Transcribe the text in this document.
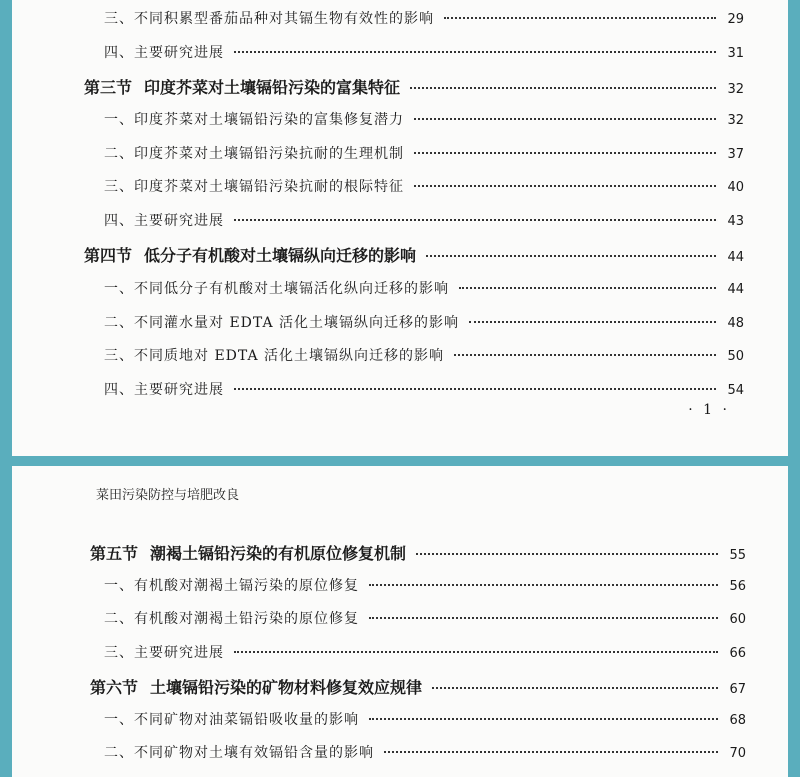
三、不同积累型番茄品种对其镉生物有效性的影响	29
四、主要研究进展	31
第三节 印度芥菜对土壤镉铅污染的富集特征	32
一、印度芥菜对土壤镉铅污染的富集修复潜力	32
二、印度芥菜对土壤镉铅污染抗耐的生理机制	37
三、印度芥菜对土壤镉铅污染抗耐的根际特征	40
四、主要研究进展	43
第四节 低分子有机酸对土壤镉纵向迁移的影响	44
一、不同低分子有机酸对土壤镉活化纵向迁移的影响	44
二、不同灌水量对 EDTA 活化土壤镉纵向迁移的影响	48
三、不同质地对 EDTA 活化土壤镉纵向迁移的影响	50
四、主要研究进展	54
· 1 ·
菜田污染防控与培肥改良
第五节 潮褐土镉铅污染的有机原位修复机制	55
一、有机酸对潮褐土镉污染的原位修复	56
二、有机酸对潮褐土铅污染的原位修复	60
三、主要研究进展	66
第六节 土壤镉铅污染的矿物材料修复效应规律	67
一、不同矿物对油菜镉铅吸收量的影响	68
二、不同矿物对土壤有效镉铅含量的影响	70
